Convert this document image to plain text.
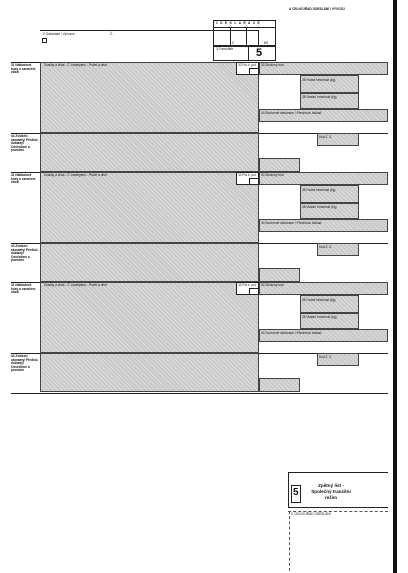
A CELNÍ ÚŘAD ODESLÁNÍ / VÝVOZU
2 Odesílatel / Vývozce	Č.
1 D E K L A R A C E
C	BS
3 Formuláře 5
31 Nákladové kusy a označení zboží
Značky a čísla - Č. kontejneru - Počet a druh	32 Pol.č. pol. 33 Zbožový kód
35 Hrubá hmotnost (kg)
38 Vlastní hmotnost (kg)
40 Souhrnné deklarace / Předchozí doklad
44 Zvláštní záznamy/ Předlož. doklady/ Osvědčení a povolení
Kód Z. Z.
31 Nákladové kusy a označení zboží
Značky a čísla - Č. kontejneru - Počet a druh	32 Pol.č. pol. 33 Zbožový kód
35 Hrubá hmotnost (kg)
38 Vlastní hmotnost (kg)
40 Souhrnné deklarace / Předchozí doklad
44 Zvláštní záznamy/ Předlož. doklady/ Osvědčení a povolení
Kód Z. Z.
31 Nákladové kusy a označení zboží
Značky a čísla - Č. kontejneru - Počet a druh	32 Pol.č. pol. 33 Zbožový kód
35 Hrubá hmotnost (kg)
38 Vlastní hmotnost (kg)
40 Souhrnné deklarace / Předchozí doklad
44 Zvláštní záznamy/ Předlož. doklady/ Osvědčení a povolení
Kód Z. Z.
5
Zpětný list - Společný tranzitní režim
C CELNÍ ÚŘAD ODESLÁNÍ
